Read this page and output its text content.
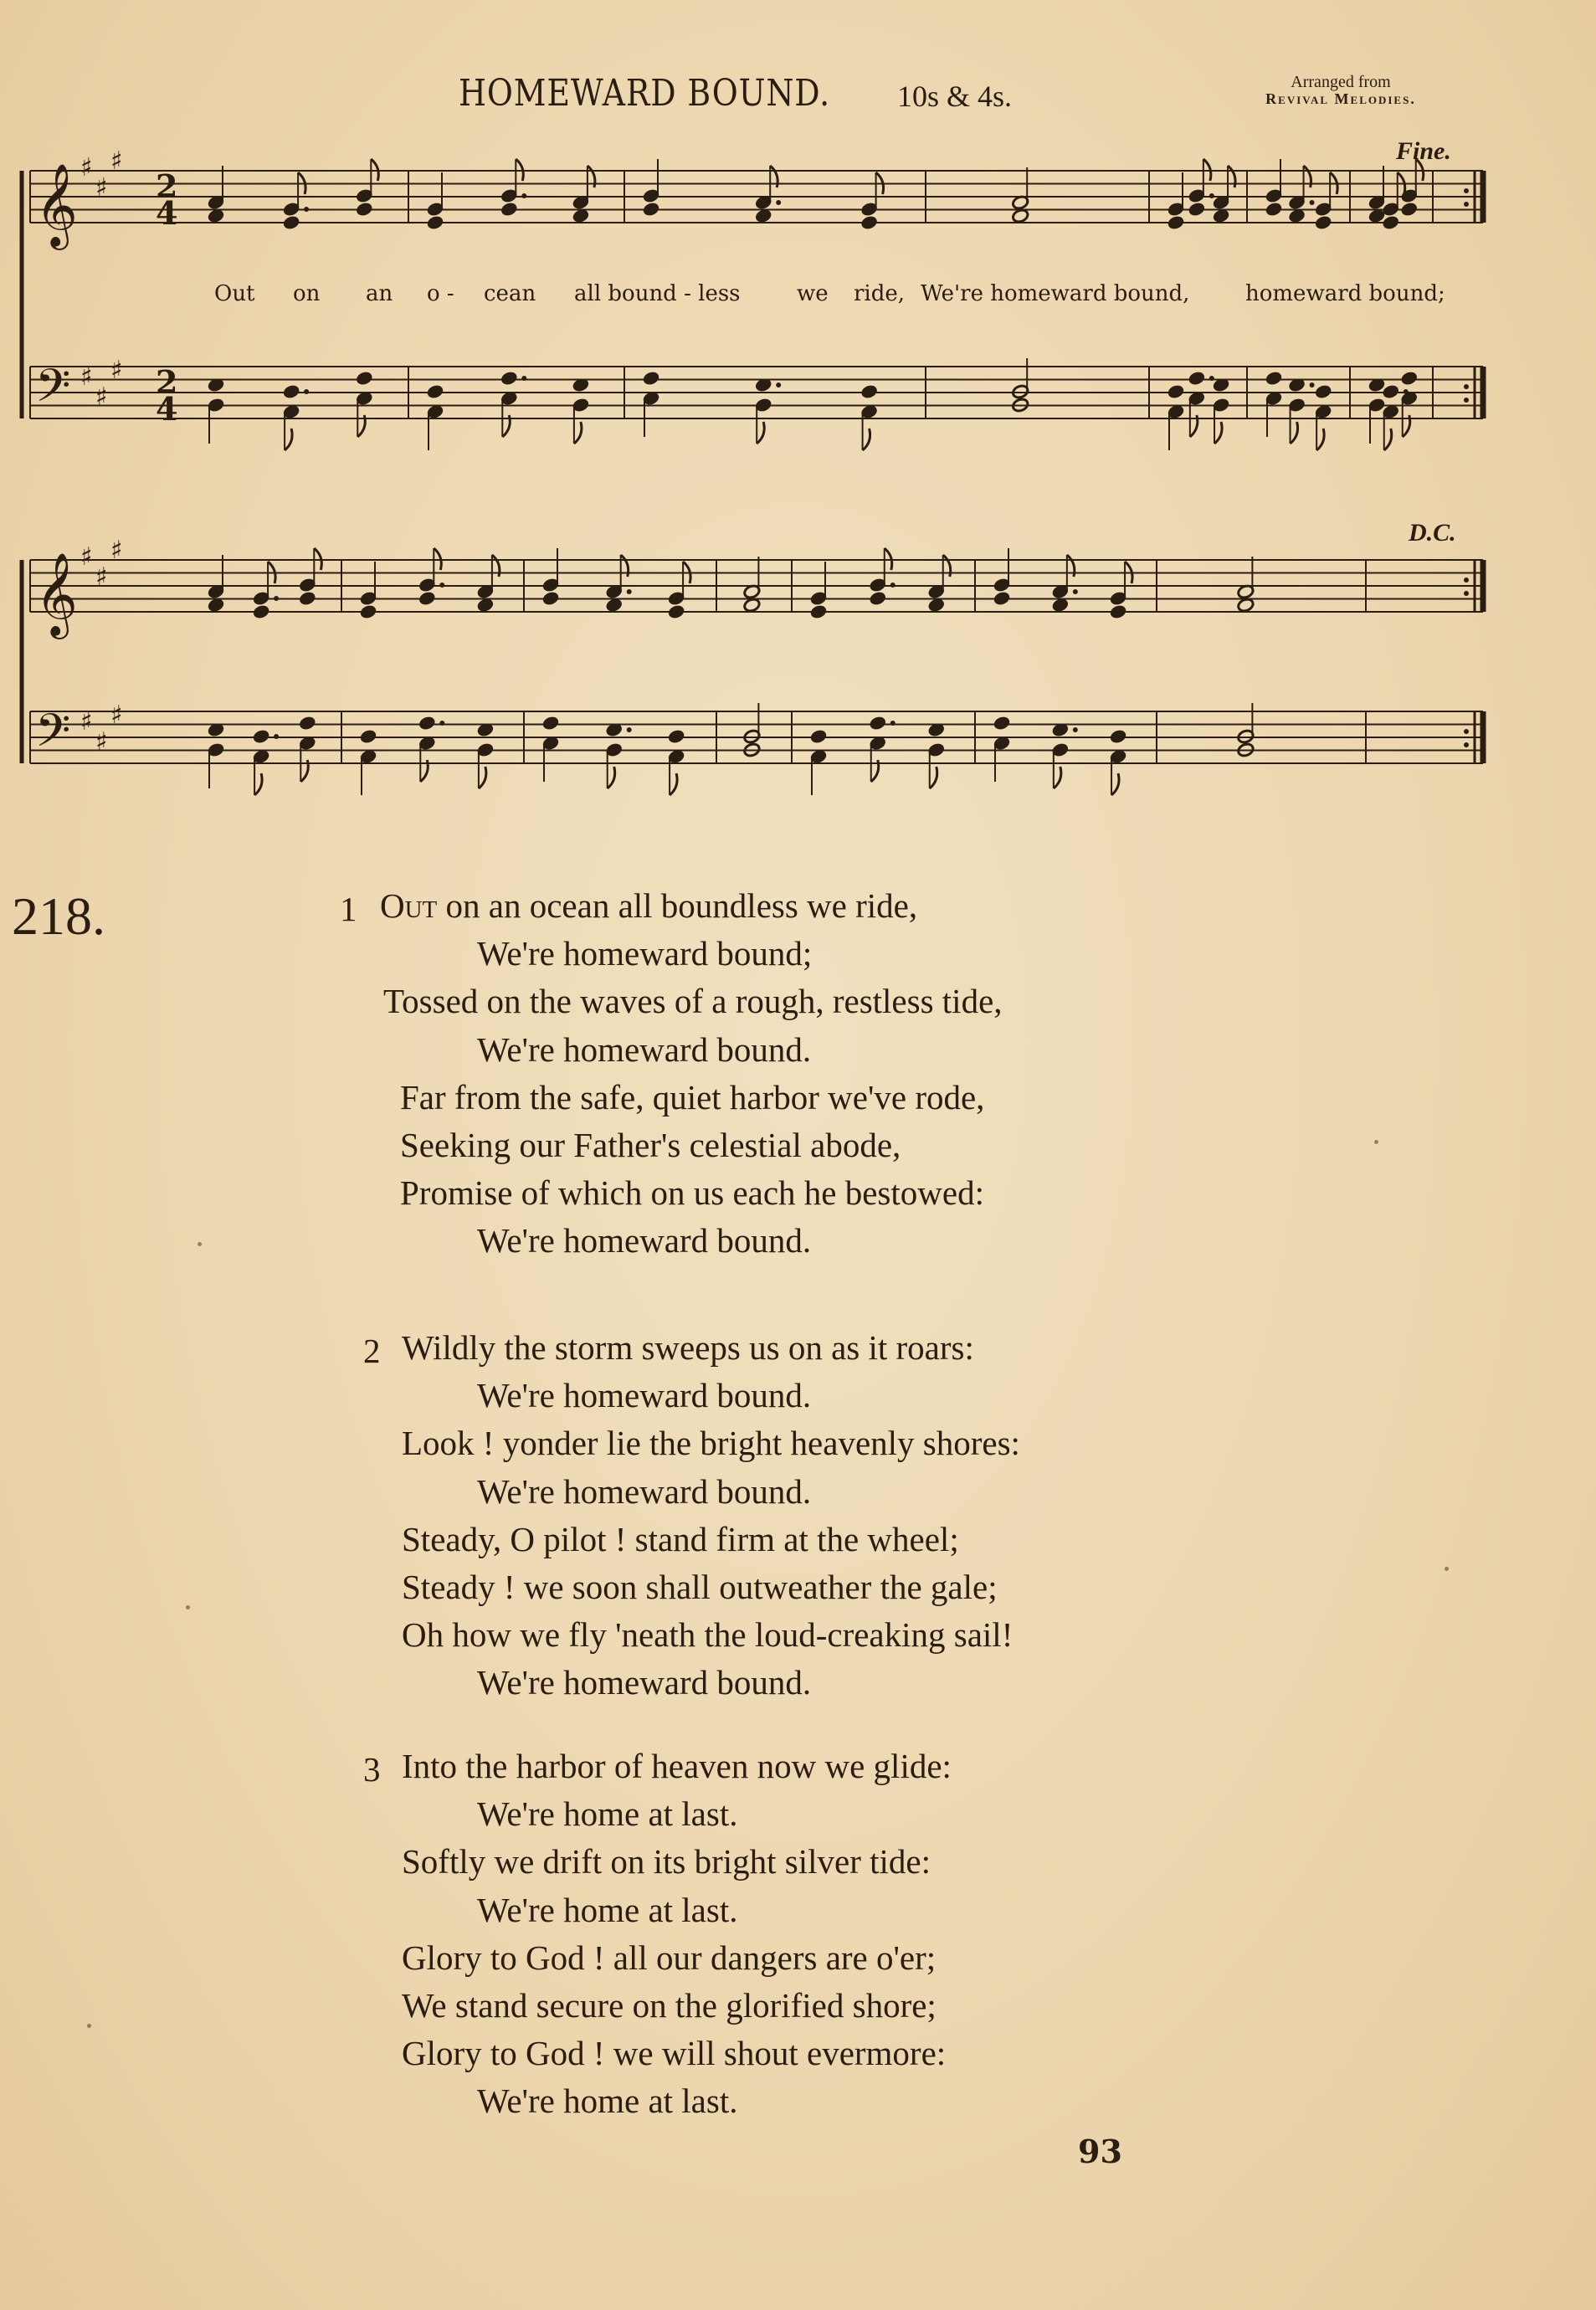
HOMEWARD BOUND. 10s & 4s.	Arranged from
Revival Melodies.
𝄞
𝄢
♯
♯
♯
♯
♯
♯
2
4
2
4
𝄞
𝄢
♯
♯
♯
♯
♯
♯
Fine.
D.C.
Out on an o - cean all bound - less	we ride, We're homeward bound,	homeward bound;
218.	1 Out on an ocean all boundless we ride,
We're homeward bound;
Tossed on the waves of a rough, restless tide,
We're homeward bound.
Far from the safe, quiet harbor we've rode,
Seeking our Father's celestial abode,
Promise of which on us each he bestowed:
We're homeward bound.
2 Wildly the storm sweeps us on as it roars:
We're homeward bound.
Look ! yonder lie the bright heavenly shores:
We're homeward bound.
Steady, O pilot ! stand firm at the wheel;
Steady ! we soon shall outweather the gale;
Oh how we fly 'neath the loud-creaking sail!
We're homeward bound.
3 Into the harbor of heaven now we glide:
We're home at last.
Softly we drift on its bright silver tide:
We're home at last.
Glory to God ! all our dangers are o'er;
We stand secure on the glorified shore;
Glory to God ! we will shout evermore:
We're home at last.
93
